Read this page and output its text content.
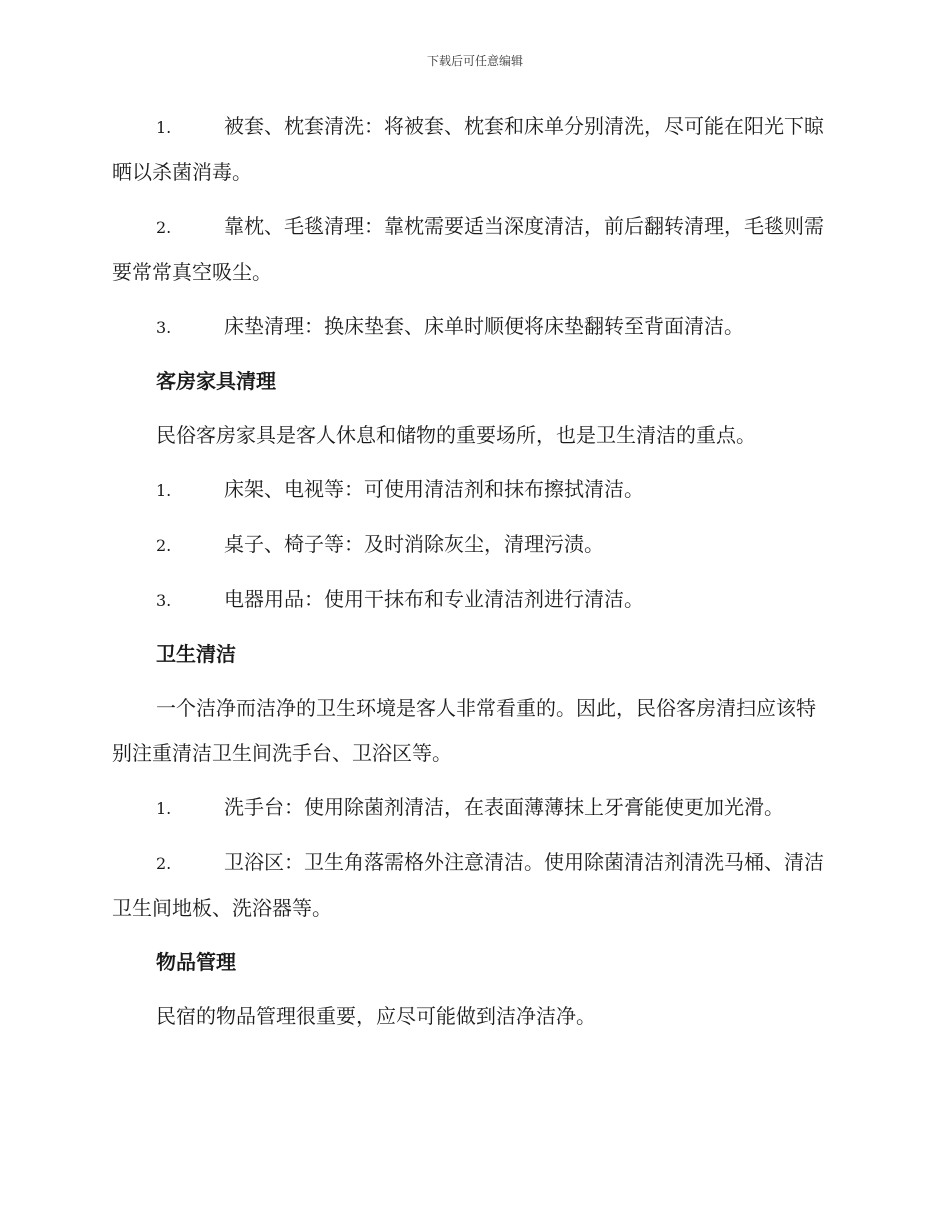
下载后可任意编辑
1.	被套、枕套清洗：将被套、枕套和床单分别清洗，尽可能在阳光下晾晒以杀菌消毒。
2.	靠枕、毛毯清理：靠枕需要适当深度清洁，前后翻转清理，毛毯则需要常常真空吸尘。
3.	床垫清理：换床垫套、床单时顺便将床垫翻转至背面清洁。
客房家具清理
民俗客房家具是客人休息和储物的重要场所，也是卫生清洁的重点。
1.	床架、电视等：可使用清洁剂和抹布擦拭清洁。
2.	桌子、椅子等：及时消除灰尘，清理污渍。
3.	电器用品：使用干抹布和专业清洁剂进行清洁。
卫生清洁
一个洁净而洁净的卫生环境是客人非常看重的。因此，民俗客房清扫应该特别注重清洁卫生间洗手台、卫浴区等。
1.	洗手台：使用除菌剂清洁，在表面薄薄抹上牙膏能使更加光滑。
2.	卫浴区：卫生角落需格外注意清洁。使用除菌清洁剂清洗马桶、清洁卫生间地板、洗浴器等。
物品管理
民宿的物品管理很重要，应尽可能做到洁净洁净。
